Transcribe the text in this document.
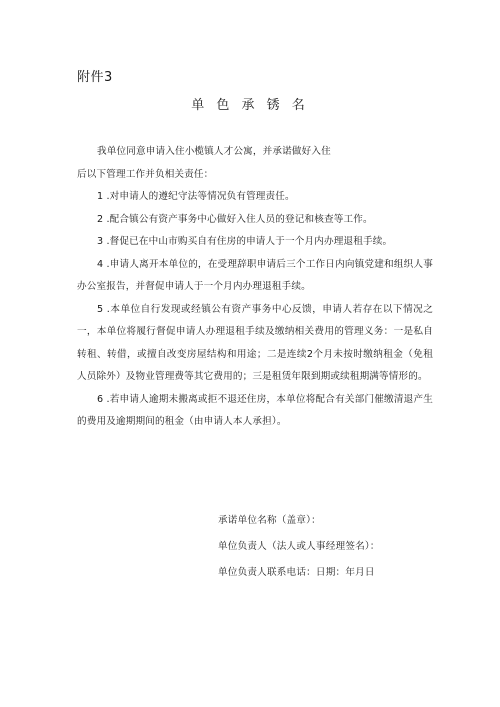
附件3
单 色 承 锈 名

我单位同意申请入住小榄镇人才公寓，并承诺做好入住

后以下管理工作并负相关责任：

1 .对申请人的遵纪守法等情况负有管理责任。

2 .配合镇公有资产事务中心做好入住人员的登记和核查等工作。

3 .督促已在中山市购买自有住房的申请人于一个月内办理退租手续。

4 .申请人离开本单位的，在受理辞职申请后三个工作日内向镇党建和组织人事办公室报告，并督促申请人于一个月内办理退租手续。

5 .本单位自行发现或经镇公有资产事务中心反馈，申请人若存在以下情况之一，本单位将履行督促申请人办理退租手续及缴纳相关费用的管理义务：一是私自转租、转借，或擅自改变房屋结构和用途；二是连续2个月未按时缴纳租金（免租人员除外）及物业管理费等其它费用的；三是租赁年限到期或续租期满等情形的。

6 .若申请人逾期未搬离或拒不退还住房，本单位将配合有关部门催缴清退产生的费用及逾期期间的租金（由申请人本人承担）。

承诺单位名称（盖章）：
单位负责人（法人或人事经理签名）：
单位负责人联系电话：日期：年月日
